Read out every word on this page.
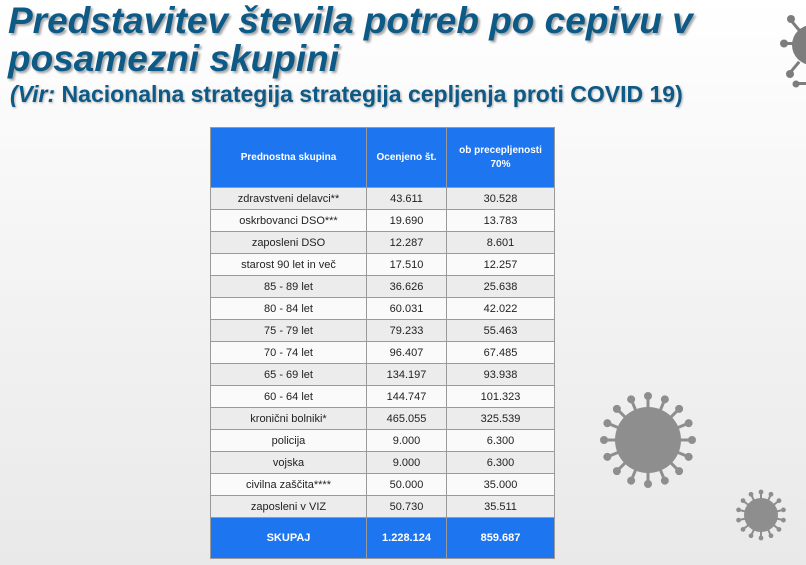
Predstavitev števila potreb po cepivu v
posamezni skupini

(Vir: Nacionalna strategija strategija cepljenja proti COVID 19)

Prednostna skupina	Ocenjeno št.	ob precepljenosti 70%
zdravstveni delavci**	43.611	30.528
oskrbovanci DSO***	19.690	13.783
zaposleni DSO	12.287	8.601
starost 90 let in več	17.510	12.257
85 - 89 let	36.626	25.638
80 - 84 let	60.031	42.022
75 - 79 let	79.233	55.463
70 - 74 let	96.407	67.485
65 - 69 let	134.197	93.938
60 - 64 let	144.747	101.323
kronični bolniki*	465.055	325.539
policija	9.000	6.300
vojska	9.000	6.300
civilna zaščita****	50.000	35.000
zaposleni v VIZ	50.730	35.511
SKUPAJ	1.228.124	859.687
